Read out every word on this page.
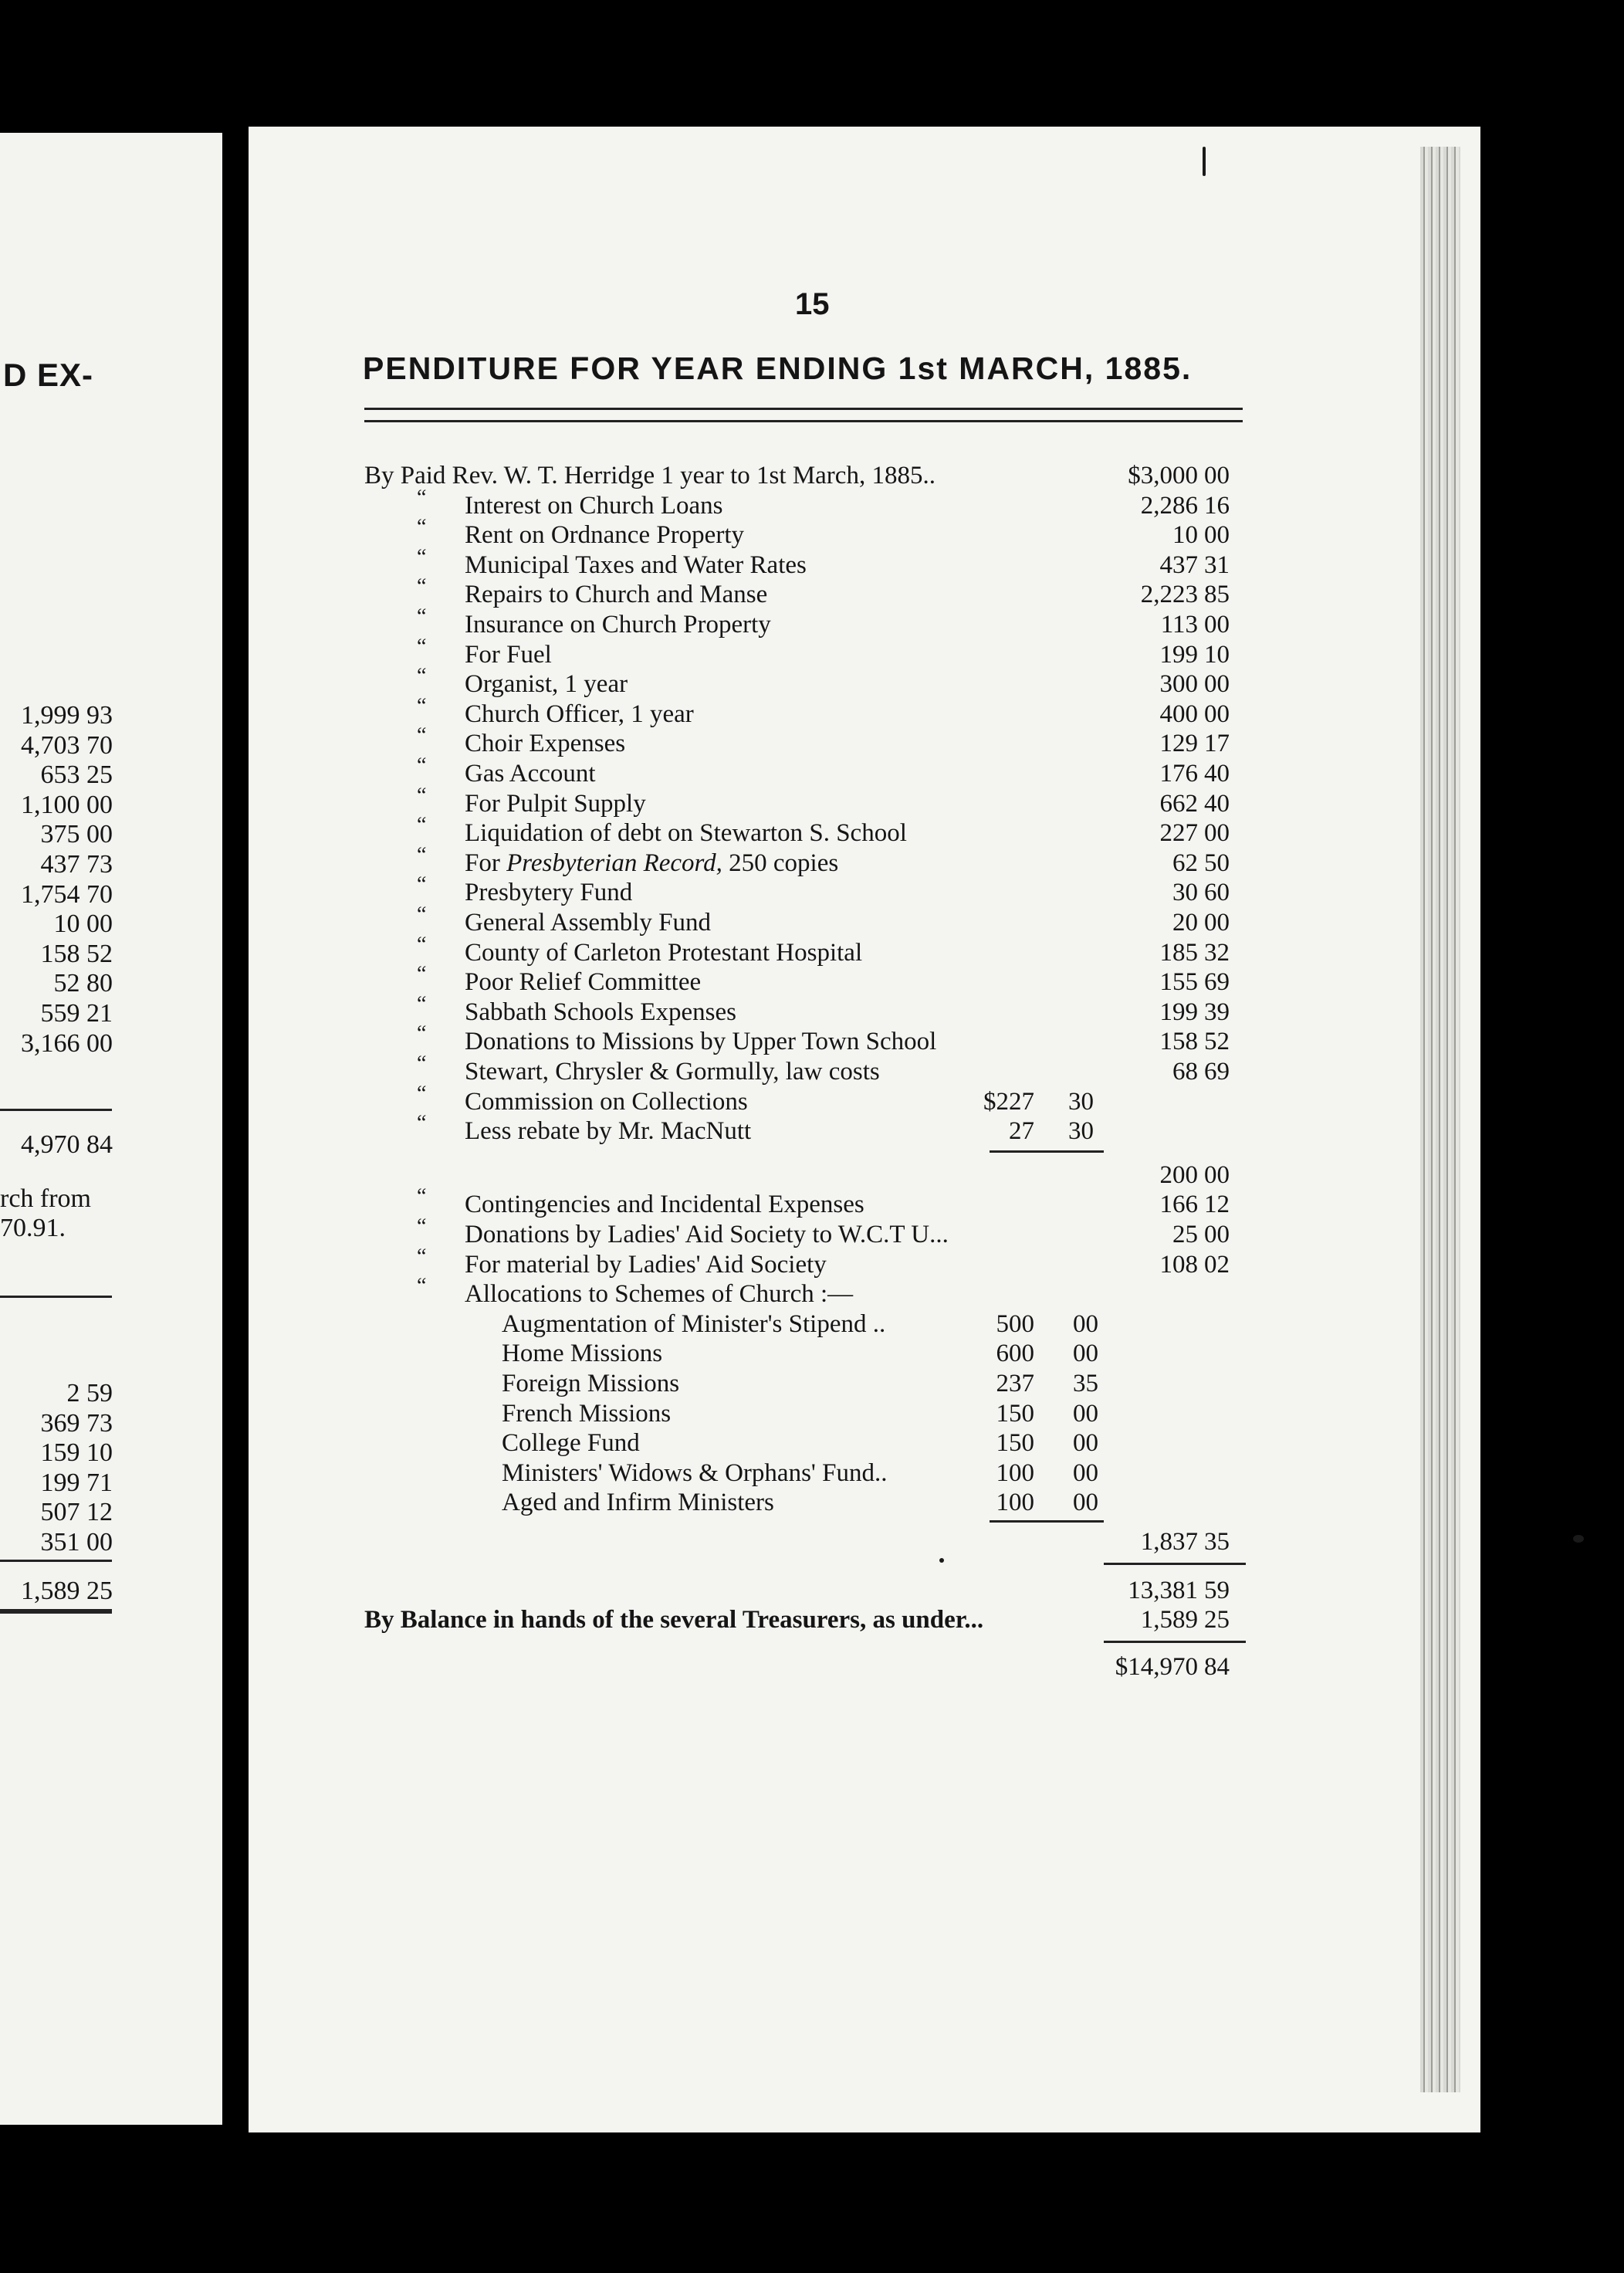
D EX-
1,999 93
4,703 70
653 25
1,100 00
375 00
437 73
1,754 70
10 00
158 52
52 80
559 21
3,166 00
4,970 84
rch from
70.91.
2 59
369 73
159 10
199 71
507 12
351 00
1,589 25
15
PENDITURE FOR YEAR ENDING 1st MARCH, 1885.
By Paid Rev. W. T. Herridge 1 year to 1st March, 1885..	$3,000 00
“ Interest on Church Loans	2,286 16
“ Rent on Ordnance Property	10 00
“ Municipal Taxes and Water Rates	437 31
“ Repairs to Church and Manse	2,223 85
“ Insurance on Church Property	113 00
“ For Fuel	199 10
“ Organist, 1 year	300 00
“ Church Officer, 1 year	400 00
“ Choir Expenses	129 17
“ Gas Account	176 40
“ For Pulpit Supply	662 40
“ Liquidation of debt on Stewarton S. School	227 00
“ For Presbyterian Record, 250 copies	62 50
“ Presbytery Fund	30 60
“ General Assembly Fund	20 00
“ County of Carleton Protestant Hospital	185 32
“ Poor Relief Committee	155 69
“ Sabbath Schools Expenses	199 39
“ Donations to Missions by Upper Town School	158 52
“ Stewart, Chrysler & Gormully, law costs	68 69
“ Commission on Collections	$227 30
“ Less rebate by Mr. MacNutt	27 30
200 00
“ Contingencies and Incidental Expenses	166 12
“ Donations by Ladies' Aid Society to W.C.T U...	25 00
“ For material by Ladies' Aid Society	108 02
“ Allocations to Schemes of Church :—
Augmentation of Minister's Stipend ..	500 00
Home Missions	600 00
Foreign Missions	237 35
French Missions	150 00
College Fund	150 00
Ministers' Widows & Orphans' Fund..	100 00
Aged and Infirm Ministers	100 00
1,837 35
13,381 59
By Balance in hands of the several Treasurers, as under...	1,589 25
$14,970 84
